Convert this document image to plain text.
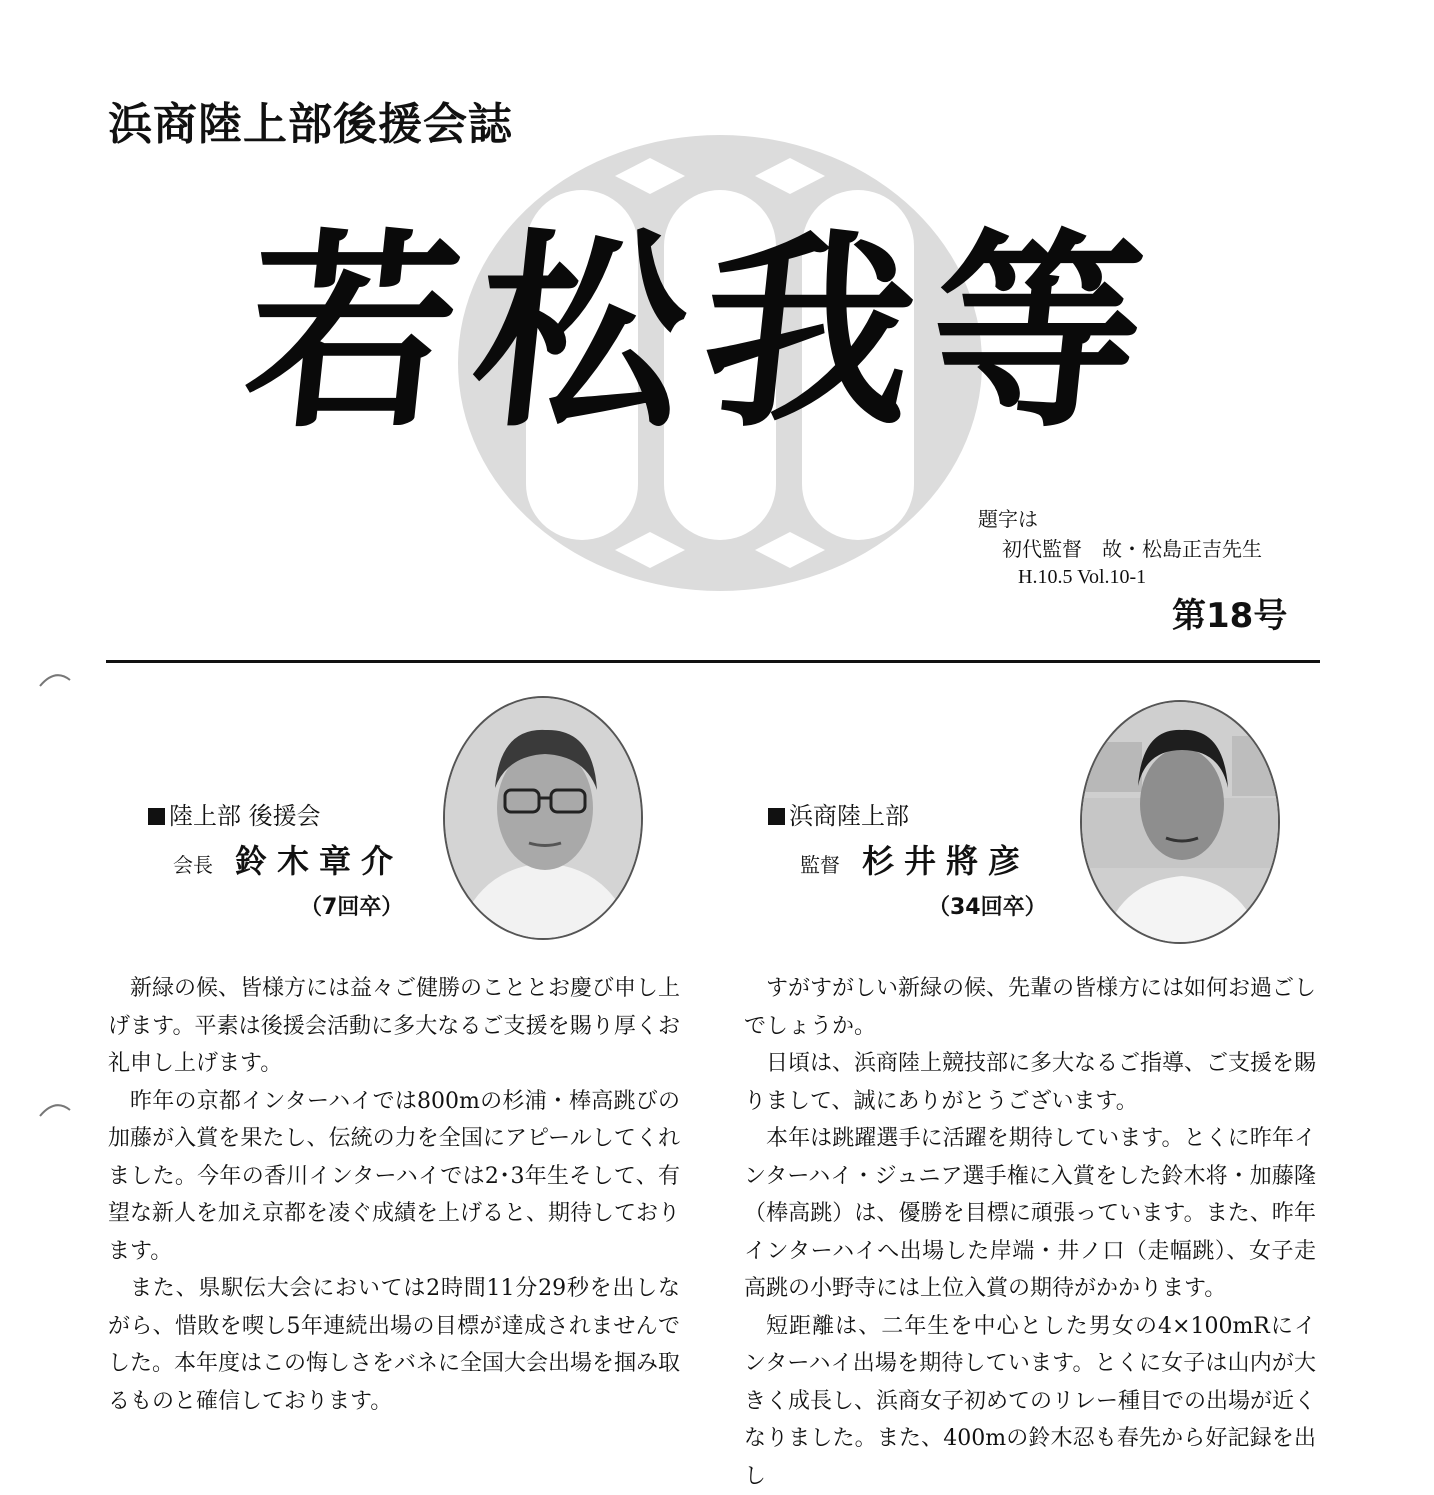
浜商陸上部後援会誌
若松我等
題字は
初代監督　故・松島正吉先生
H.10.5 Vol.10-1
第18号
陸上部 後援会
会長 鈴木章介
（7回卒）
浜商陸上部
監督 杉井將彦
（34回卒）

新緑の候、皆様方には益々ご健勝のこととお慶び申し上げます。平素は後援会活動に多大なるご支援を賜り厚くお礼申し上げます。

昨年の京都インターハイでは800mの杉浦・棒高跳びの加藤が入賞を果たし、伝統の力を全国にアピールしてくれました。今年の香川インターハイでは2･3年生そして、有望な新人を加え京都を凌ぐ成績を上げると、期待しております。

また、県駅伝大会においては2時間11分29秒を出しながら、惜敗を喫し5年連続出場の目標が達成されませんでした。本年度はこの悔しさをバネに全国大会出場を掴み取るものと確信しております。

すがすがしい新緑の候、先輩の皆様方には如何お過ごしでしょうか。

日頃は、浜商陸上競技部に多大なるご指導、ご支援を賜りまして、誠にありがとうございます。

本年は跳躍選手に活躍を期待しています。とくに昨年インターハイ・ジュニア選手権に入賞をした鈴木将・加藤隆（棒高跳）は、優勝を目標に頑張っています。また、昨年インターハイへ出場した岸端・井ノ口（走幅跳）、女子走高跳の小野寺には上位入賞の期待がかかります。

短距離は、二年生を中心とした男女の4×100mRにインターハイ出場を期待しています。とくに女子は山内が大きく成長し、浜商女子初めてのリレー種目での出場が近くなりました。また、400mの鈴木忍も春先から好記録を出し
